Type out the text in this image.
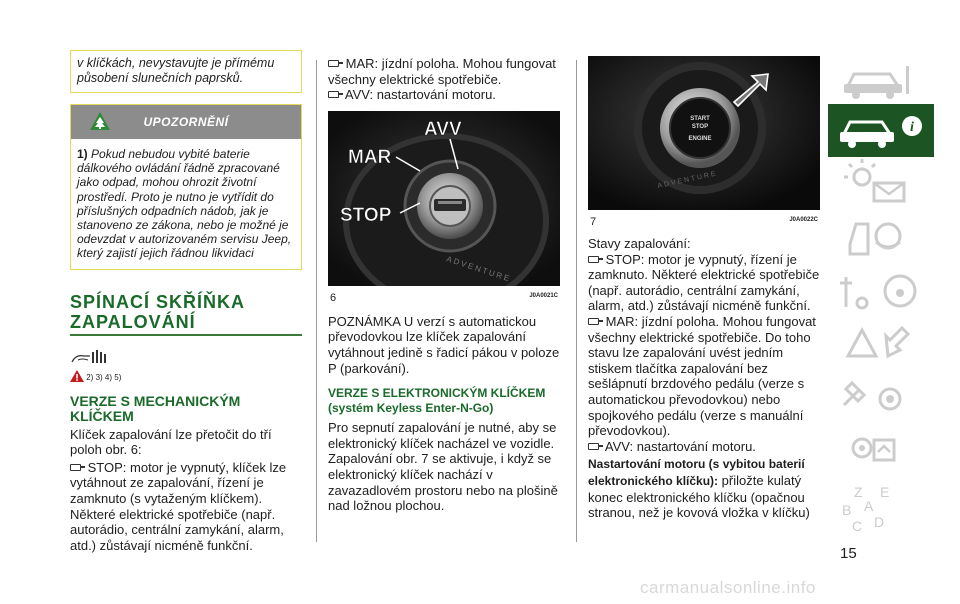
v klíčkách, nevystavujte je přímému působení slunečních paprsků.
UPOZORNĚNÍ
1) Pokud nebudou vybité baterie dálkového ovládání řádně zpracované jako odpad, mohou ohrozit životní prostředí. Proto je nutno je vytřídit do příslušných odpadních nádob, jak je stanoveno ze zákona, nebo je možné je odevzdat v autorizovaném servisu Jeep, který zajistí jejich řádnou likvidaci
SPÍNACÍ SKŘÍŇKA
ZAPALOVÁNÍ
2) 3) 4) 5)
VERZE S MECHANICKÝM
KLÍČKEM
Klíček zapalování lze přetočit do tří poloh obr. 6:
STOP: motor je vypnutý, klíček lze vytáhnout ze zapalování, řízení je zamknuto (s vytaženým klíčkem). Některé elektrické spotřebiče (např. autorádio, centrální zamykání, alarm, atd.) zůstávají nicméně funkční.
MAR: jízdní poloha. Mohou fungovat všechny elektrické spotřebiče.
AVV: nastartování motoru.
ADVENTURE
AVV
MAR
STOP
6	J0A0021C
POZNÁMKA U verzí s automatickou převodovkou lze klíček zapalování vytáhnout jedině s řadicí pákou v poloze P (parkování).
VERZE S ELEKTRONICKÝM KLÍČKEM (systém Keyless Enter-N-Go)
Pro sepnutí zapalování je nutné, aby se elektronický klíček nacházel ve vozidle. Zapalování obr. 7 se aktivuje, i když se elektronický klíček nachází v zavazadlovém prostoru nebo na plošině nad ložnou plochou.
START
STOP
ENGINE
ADVENTURE
7	J0A0022C
Stavy zapalování:
STOP: motor je vypnutý, řízení je zamknuto. Některé elektrické spotřebiče (např. autorádio, centrální zamykání, alarm, atd.) zůstávají nicméně funkční.
MAR: jízdní poloha. Mohou fungovat všechny elektrické spotřebiče. Do toho stavu lze zapalování uvést jedním stiskem tlačítka zapalování bez sešlápnutí brzdového pedálu (verze s automatickou převodovkou) nebo spojkového pedálu (verze s manuální převodovkou).
AVV: nastartování motoru.
Nastartování motoru (s vybitou baterií elektronického klíčku): přiložte kulatý konec elektronického klíčku (opačnou stranou, než je kovová vložka v klíčku)
i
Z
A
E
B
C D
15
carmanualsonline.info
